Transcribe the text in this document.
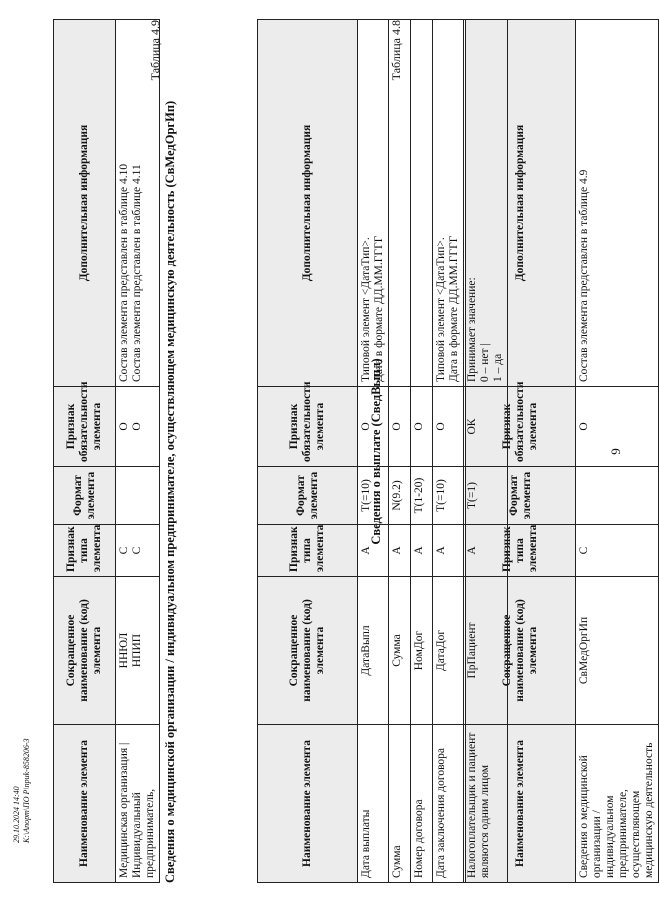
9
Наименование элемента	Сокращенное наименование (код) элемента	Признак типа элемента	Формат элемента	Признак обязательности элемента	Дополнительная информация
Сведения о медицинской организации / индивидуальном предпринимателе, осуществляющем медицинскую деятельность	СвМедОргИп	С		О	Состав элемента представлен в таблице 4.9
Таблица 4.8
Сведения о выплате (СведВыпл)
Наименование элемента	Сокращенное наименование (код) элемента	Признак типа элемента	Формат элемента	Признак обязательности элемента	Дополнительная информация
Дата выплаты	ДатаВыпл	А	T(=10)	О	Типовой элемент <ДатаТип>. Дата в формате ДД.ММ.ГГГГ

Сумма	Сумма	А	N(9.2)	О	
Номер договора	НомДог	А	T(1-20)	О	
Дата заключения договора	ДатаДог	А	T(=10)	О	Типовой элемент <ДатаТип>. Дата в формате ДД.ММ.ГГГГ

Налогоплательщик и пациент являются одним лицом	ПрПациент	А	T(=1)	ОК	Принимает значение: 0 – нет | 1 – да
Таблица 4.9
Сведения о медицинской организации / индивидуальном предпринимателе, осуществляющем медицинскую деятельность (СвМедОргИп)
Наименование элемента	Сокращенное наименование (код) элемента	Признак типа элемента	Формат элемента	Признак обязательности элемента	Дополнительная информация

Медицинская организация | Индивидуальный предприниматель,	ННЮЛ НПИП	С С		О О	Состав элемента представлен в таблице 4.10 Состав элемента представлен в таблице 4.11
29.10.2024 14:40 К:\Апорт\ПО Р\приk-858206-3
